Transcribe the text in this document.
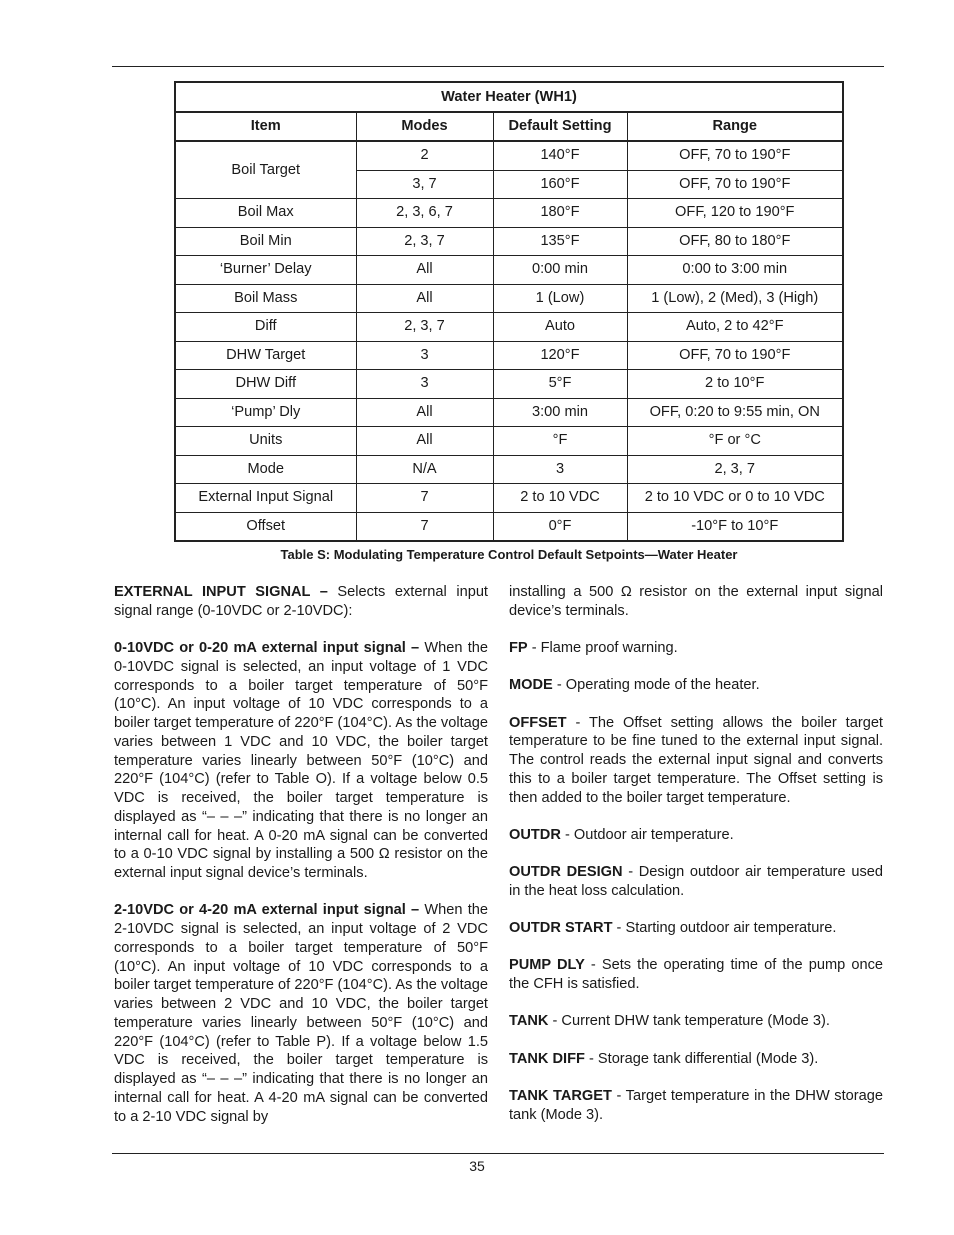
Water Heater (WH1)			
Item	Modes	Default Setting	Range
Boil Target	2	140°F	OFF, 70 to 190°F
	3, 7	160°F	OFF, 70 to 190°F
Boil Max	2, 3, 6, 7	180°F	OFF, 120 to 190°F
Boil Min	2, 3, 7	135°F	OFF, 80 to 180°F
‘Burner’ Delay	All	0:00 min	0:00 to 3:00 min
Boil Mass	All	1 (Low)	1 (Low), 2 (Med), 3 (High)
Diff	2, 3, 7	Auto	Auto, 2 to 42°F
DHW Target	3	120°F	OFF, 70 to 190°F
DHW Diff	3	5°F	2 to 10°F
‘Pump’ Dly	All	3:00 min	OFF, 0:20 to 9:55 min, ON
Units	All	°F	°F or °C
Mode	N/A	3	2, 3, 7
External Input Signal	7	2 to 10 VDC	2 to 10 VDC or 0 to 10 VDC
Offset	7	0°F	-10°F to 10°F
Table S: Modulating Temperature Control Default Setpoints—Water Heater

EXTERNAL INPUT SIGNAL – Selects external input signal range (0-10VDC or 2-10VDC):

0-10VDC or 0-20 mA external input signal – When the 0-10VDC signal is selected, an input voltage of 1 VDC corresponds to a boiler target temperature of 50°F (10°C). An input voltage of 10 VDC corresponds to a boiler target temperature of 220°F (104°C). As the voltage varies between 1 VDC and 10 VDC, the boiler target temperature varies linearly between 50°F (10°C) and 220°F (104°C) (refer to Table O). If a voltage below 0.5 VDC is received, the boiler target temperature is displayed as “– – –” indicating that there is no longer an internal call for heat. A 0-20 mA signal can be converted to a 0-10 VDC signal by installing a 500 Ω resistor on the external input signal device’s terminals.

2-10VDC or 4-20 mA external input signal – When the 2-10VDC signal is selected, an input voltage of 2 VDC corresponds to a boiler target temperature of 50°F (10°C). An input voltage of 10 VDC corresponds to a boiler target temperature of 220°F (104°C). As the voltage varies between 2 VDC and 10 VDC, the boiler target temperature varies linearly between 50°F (10°C) and 220°F (104°C) (refer to Table P). If a voltage below 1.5 VDC is received, the boiler target temperature is displayed as “– – –” indicating that there is no longer an internal call for heat. A 4-20 mA signal can be converted to a 2-10 VDC signal by

installing a 500 Ω resistor on the external input signal device’s terminals.

FP - Flame proof warning.

MODE - Operating mode of the heater.

OFFSET - The Offset setting allows the boiler target temperature to be fine tuned to the external input signal. The control reads the external input signal and converts this to a boiler target temperature. The Offset setting is then added to the boiler target temperature.

OUTDR - Outdoor air temperature.

OUTDR DESIGN - Design outdoor air temperature used in the heat loss calculation.

OUTDR START - Starting outdoor air temperature.

PUMP DLY - Sets the operating time of the pump once the CFH is satisfied.

TANK - Current DHW tank temperature (Mode 3).

TANK DIFF - Storage tank differential (Mode 3).

TANK TARGET - Target temperature in the DHW storage tank (Mode 3).

35
